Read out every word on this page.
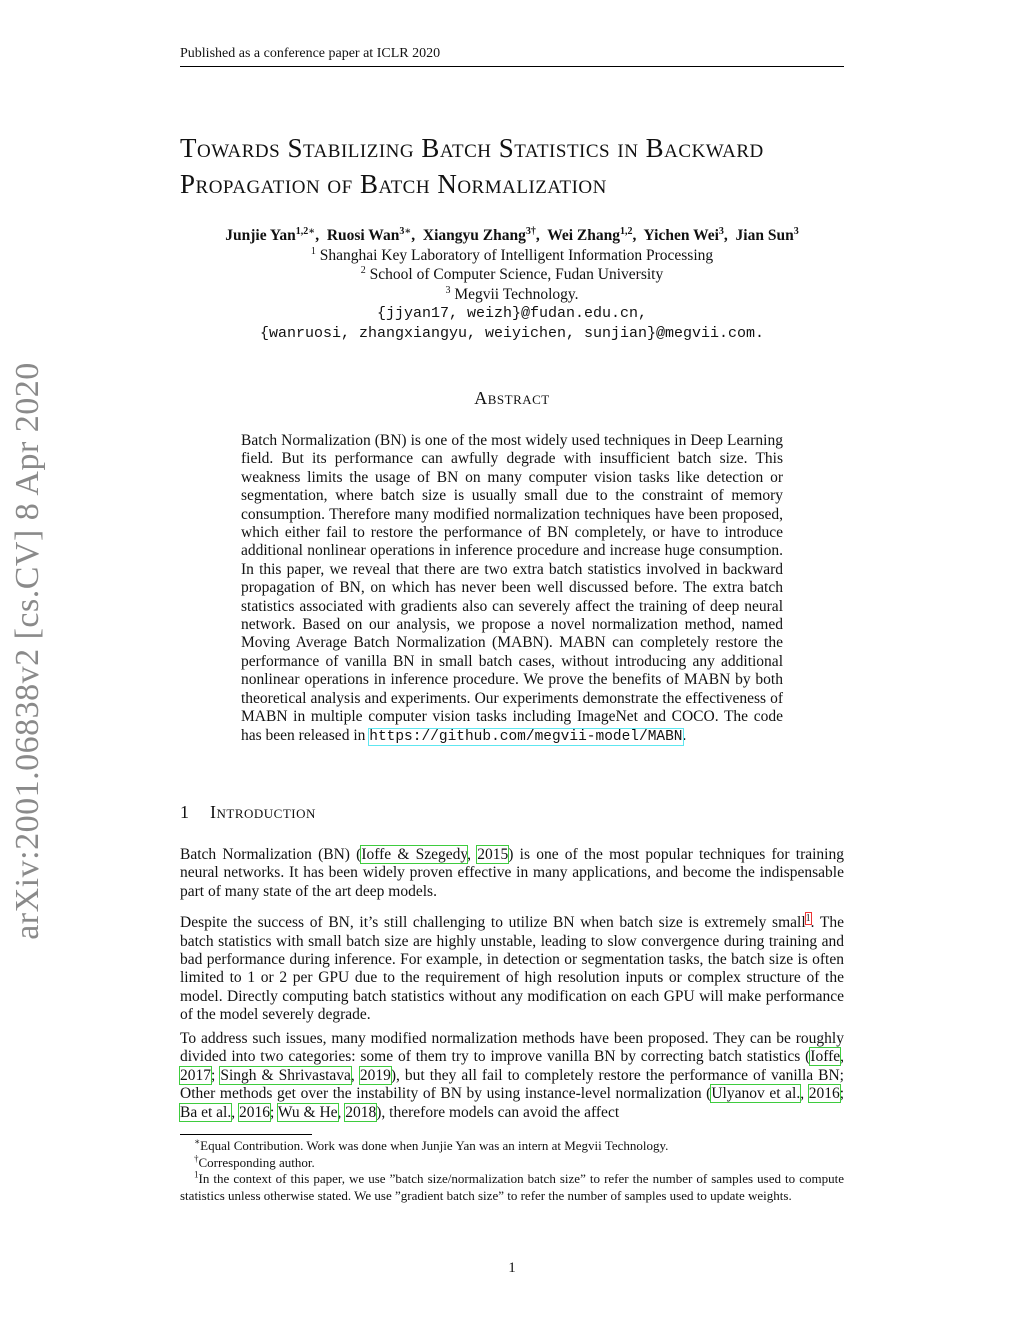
Published as a conference paper at ICLR 2020
arXiv:2001.06838v2 [cs.CV] 8 Apr 2020
Towards Stabilizing Batch Statistics in Backward Propagation of Batch Normalization
Junjie Yan$^{1,2∗}$,  Ruosi Wan$^{3∗}$,  Xiangyu Zhang$^{3\dagger}$,  Wei Zhang$^{1,2}$,  Yichen Wei$^3$,  Jian Sun$^3$
$^1$ Shanghai Key Laboratory of Intelligent Information Processing
$^2$ School of Computer Science, Fudan University
$^3$ Megvii Technology.
{jjyan17, weizh}@fudan.edu.cn,
{wanruosi, zhangxiangyu, weiyichen, sunjian}@megvii.com.
Abstract
Batch Normalization (BN) is one of the most widely used techniques in Deep Learning field. But its performance can awfully degrade with insufficient batch size. This weakness limits the usage of BN on many computer vision tasks like detection or segmentation, where batch size is usually small due to the constraint of memory consumption. Therefore many modified normalization techniques have been proposed, which either fail to restore the performance of BN completely, or have to introduce additional nonlinear operations in inference procedure and increase huge consumption. In this paper, we reveal that there are two extra batch statistics involved in backward propagation of BN, on which has never been well discussed before. The extra batch statistics associated with gradients also can severely affect the training of deep neural network. Based on our analysis, we propose a novel normalization method, named Moving Average Batch Normalization (MABN). MABN can completely restore the performance of vanilla BN in small batch cases, without introducing any additional nonlinear operations in inference procedure. We prove the benefits of MABN by both theoretical analysis and experiments. Our experiments demonstrate the effectiveness of MABN in multiple computer vision tasks including ImageNet and COCO. The code has been released in https://github.com/megvii-model/MABN.
1 Introduction
Batch Normalization (BN) (Ioffe & Szegedy, 2015) is one of the most popular techniques for training neural networks. It has been widely proven effective in many applications, and become the indispensable part of many state of the art deep models.
Despite the success of BN, it’s still challenging to utilize BN when batch size is extremely small$^1$. The batch statistics with small batch size are highly unstable, leading to slow convergence during training and bad performance during inference. For example, in detection or segmentation tasks, the batch size is often limited to 1 or 2 per GPU due to the requirement of high resolution inputs or complex structure of the model. Directly computing batch statistics without any modification on each GPU will make performance of the model severely degrade.
To address such issues, many modified normalization methods have been proposed. They can be roughly divided into two categories: some of them try to improve vanilla BN by correcting batch statistics (Ioffe, 2017; Singh & Shrivastava, 2019), but they all fail to completely restore the performance of vanilla BN; Other methods get over the instability of BN by using instance-level normalization (Ulyanov et al., 2016; Ba et al., 2016; Wu & He, 2018), therefore models can avoid the affect
∗Equal Contribution. Work was done when Junjie Yan was an intern at Megvii Technology.
†Corresponding author.
$^1$In the context of this paper, we use ”batch size/normalization batch size” to refer the number of samples used to compute statistics unless otherwise stated. We use ”gradient batch size” to refer the number of samples used to update weights.
1
